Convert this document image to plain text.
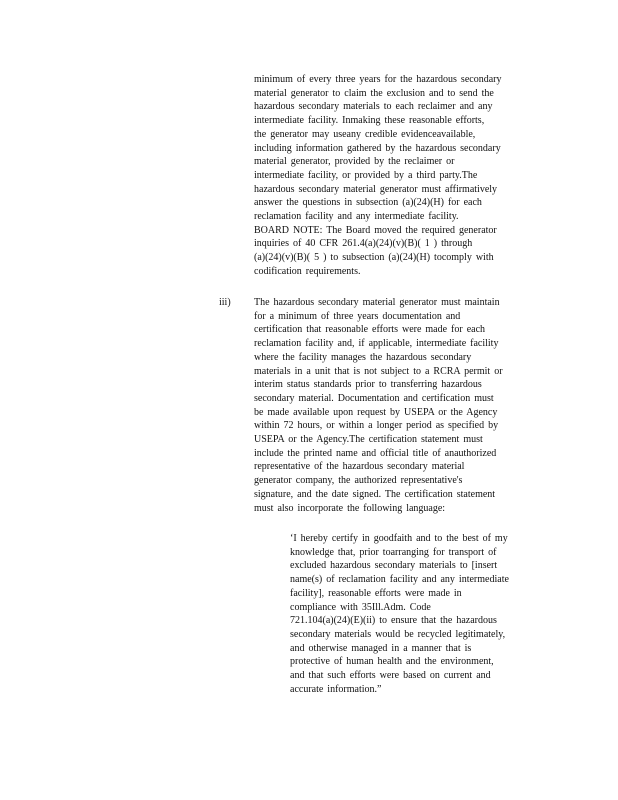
minimum of every three years for the hazardous secondary
material generator to claim the exclusion and to send the
hazardous secondary materials to each reclaimer and any
intermediate facility. Inmaking these reasonable efforts,
the generator may useany credible evidenceavailable,
including information gathered by the hazardous secondary
material generator, provided by the reclaimer or
intermediate facility, or provided by a third party.The
hazardous secondary material generator must affirmatively
answer the questions in subsection (a)(24)(H) for each
reclamation facility and any intermediate facility.
BOARD NOTE: The Board moved the required generator
inquiries of 40 CFR 261.4(a)(24)(v)(B)( 1 ) through
(a)(24)(v)(B)( 5 ) to subsection (a)(24)(H) tocomply with
codification requirements.
iii) The hazardous secondary material generator must maintain
for a minimum of three years documentation and
certification that reasonable efforts were made for each
reclamation facility and, if applicable, intermediate facility
where the facility manages the hazardous secondary
materials in a unit that is not subject to a RCRA permit or
interim status standards prior to transferring hazardous
secondary material. Documentation and certification must
be made available upon request by USEPA or the Agency
within 72 hours, or within a longer period as specified by
USEPA or the Agency.The certification statement must
include the printed name and official title of anauthorized
representative of the hazardous secondary material
generator company, the authorized representative's
signature, and the date signed. The certification statement
must also incorporate the following language:
‘I hereby certify in goodfaith and to the best of my
knowledge that, prior toarranging for transport of
excluded hazardous secondary materials to [insert
name(s) of reclamation facility and any intermediate
facility], reasonable efforts were made in
compliance with 35Ill.Adm. Code
721.104(a)(24)(E)(ii) to ensure that the hazardous
secondary materials would be recycled legitimately,
and otherwise managed in a manner that is
protective of human health and the environment,
and that such efforts were based on current and
accurate information.”
